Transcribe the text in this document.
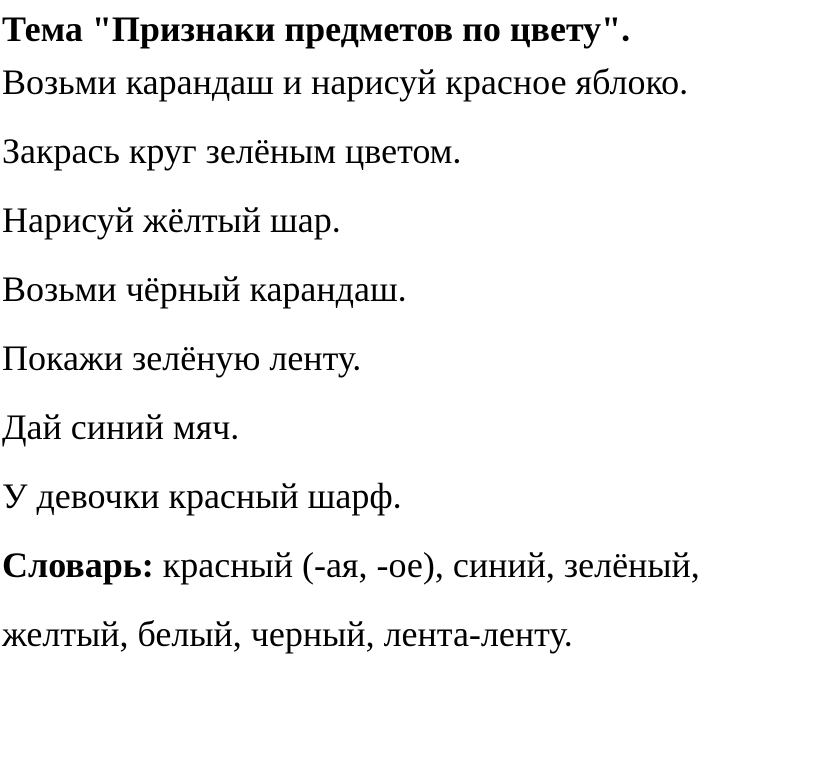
Тема "Признаки предметов по цвету".
Возьми карандаш и нарисуй красное яблоко.
Закрась круг зелёным цветом.
Нарисуй жёлтый шар.
Возьми чёрный карандаш.
Покажи зелёную ленту.
Дай синий мяч.
У девочки красный шарф.
Словарь: красный (-ая, -ое), синий, зелёный,
желтый, белый, черный, лента-ленту.
